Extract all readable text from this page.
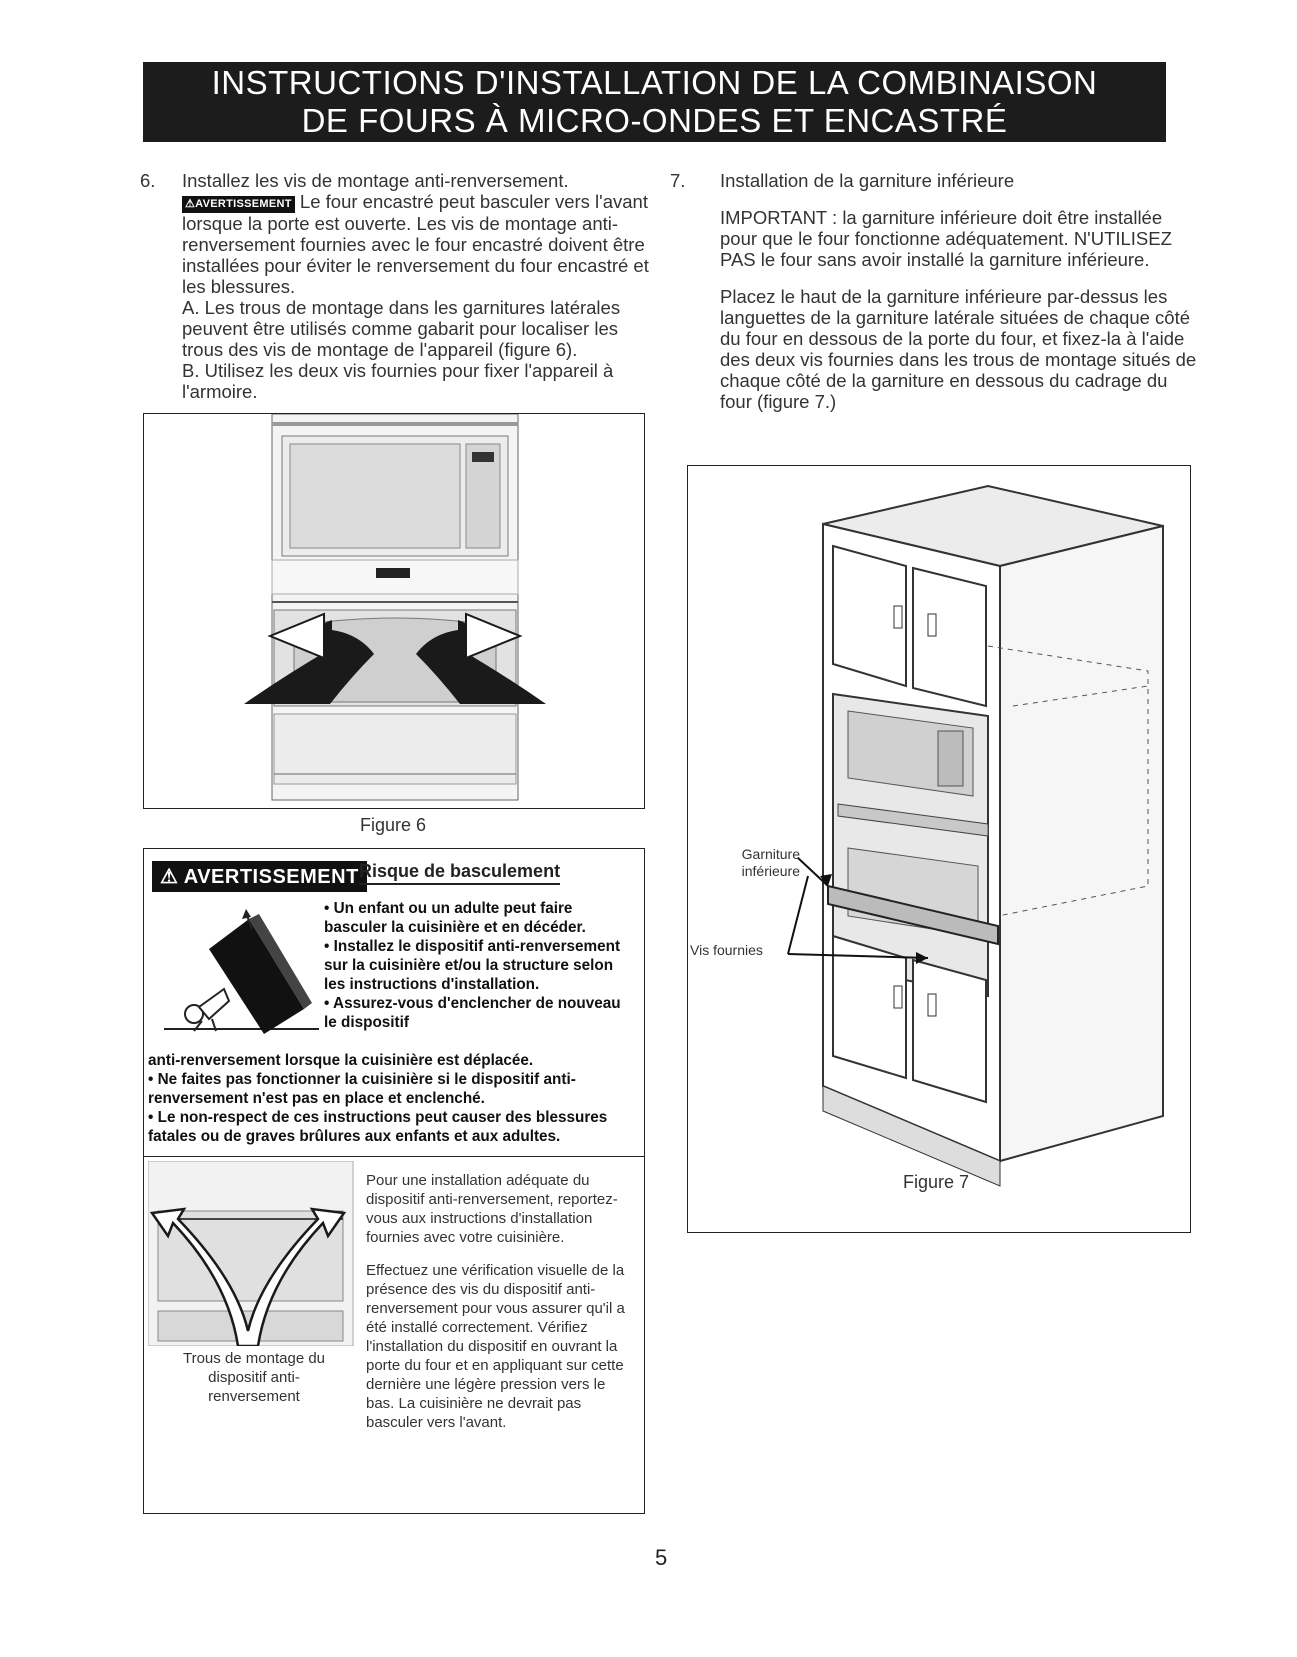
INSTRUCTIONS D'INSTALLATION DE LA COMBINAISON
DE FOURS À MICRO-ONDES ET ENCASTRÉ
6. Installez les vis de montage anti-renversement.
⚠AVERTISSEMENT Le four encastré peut basculer vers l'avant lorsque la porte est ouverte. Les vis de montage anti-renversement fournies avec le four encastré doivent être installées pour éviter le renversement du four encastré et les blessures.
A. Les trous de montage dans les garnitures latérales peuvent être utilisés comme gabarit pour localiser les trous des vis de montage de l'appareil (figure 6).
B. Utilisez les deux vis fournies pour fixer l'appareil à l'armoire.
Figure 6
⚠ AVERTISSEMENT Risque de basculement
• Un enfant ou un adulte peut faire basculer la cuisinière et en décéder.
• Installez le dispositif anti-renversement sur la cuisinière et/ou la structure selon les instructions d'installation.
• Assurez-vous d'enclencher de nouveau le dispositif
anti-renversement lorsque la cuisinière est déplacée.
• Ne faites pas fonctionner la cuisinière si le dispositif anti-renversement n'est pas en place et enclenché.
• Le non-respect de ces instructions peut causer des blessures fatales ou de graves brûlures aux enfants et aux adultes.
Trous de montage du dispositif anti-renversement

Pour une installation adéquate du dispositif anti-renversement, reportez-vous aux instructions d'installation fournies avec votre cuisinière.

Effectuez une vérification visuelle de la présence des vis du dispositif anti-renversement pour vous assurer qu'il a été installé correctement. Vérifiez l'installation du dispositif en ouvrant la porte du four et en appliquant sur cette dernière une légère pression vers le bas. La cuisinière ne devrait pas basculer vers l'avant.

7. Installation de la garniture inférieure
IMPORTANT : la garniture inférieure doit être installée pour que le four fonctionne adéquatement. N'UTILISEZ PAS le four sans avoir installé la garniture inférieure.
Placez le haut de la garniture inférieure par-dessus les languettes de la garniture latérale situées de chaque côté du four en dessous de la porte du four, et fixez-la à l'aide des deux vis fournies dans les trous de montage situés de chaque côté de la garniture en dessous du cadrage du four (figure 7.)
Garniture inférieure
Vis fournies
Figure 7
5
